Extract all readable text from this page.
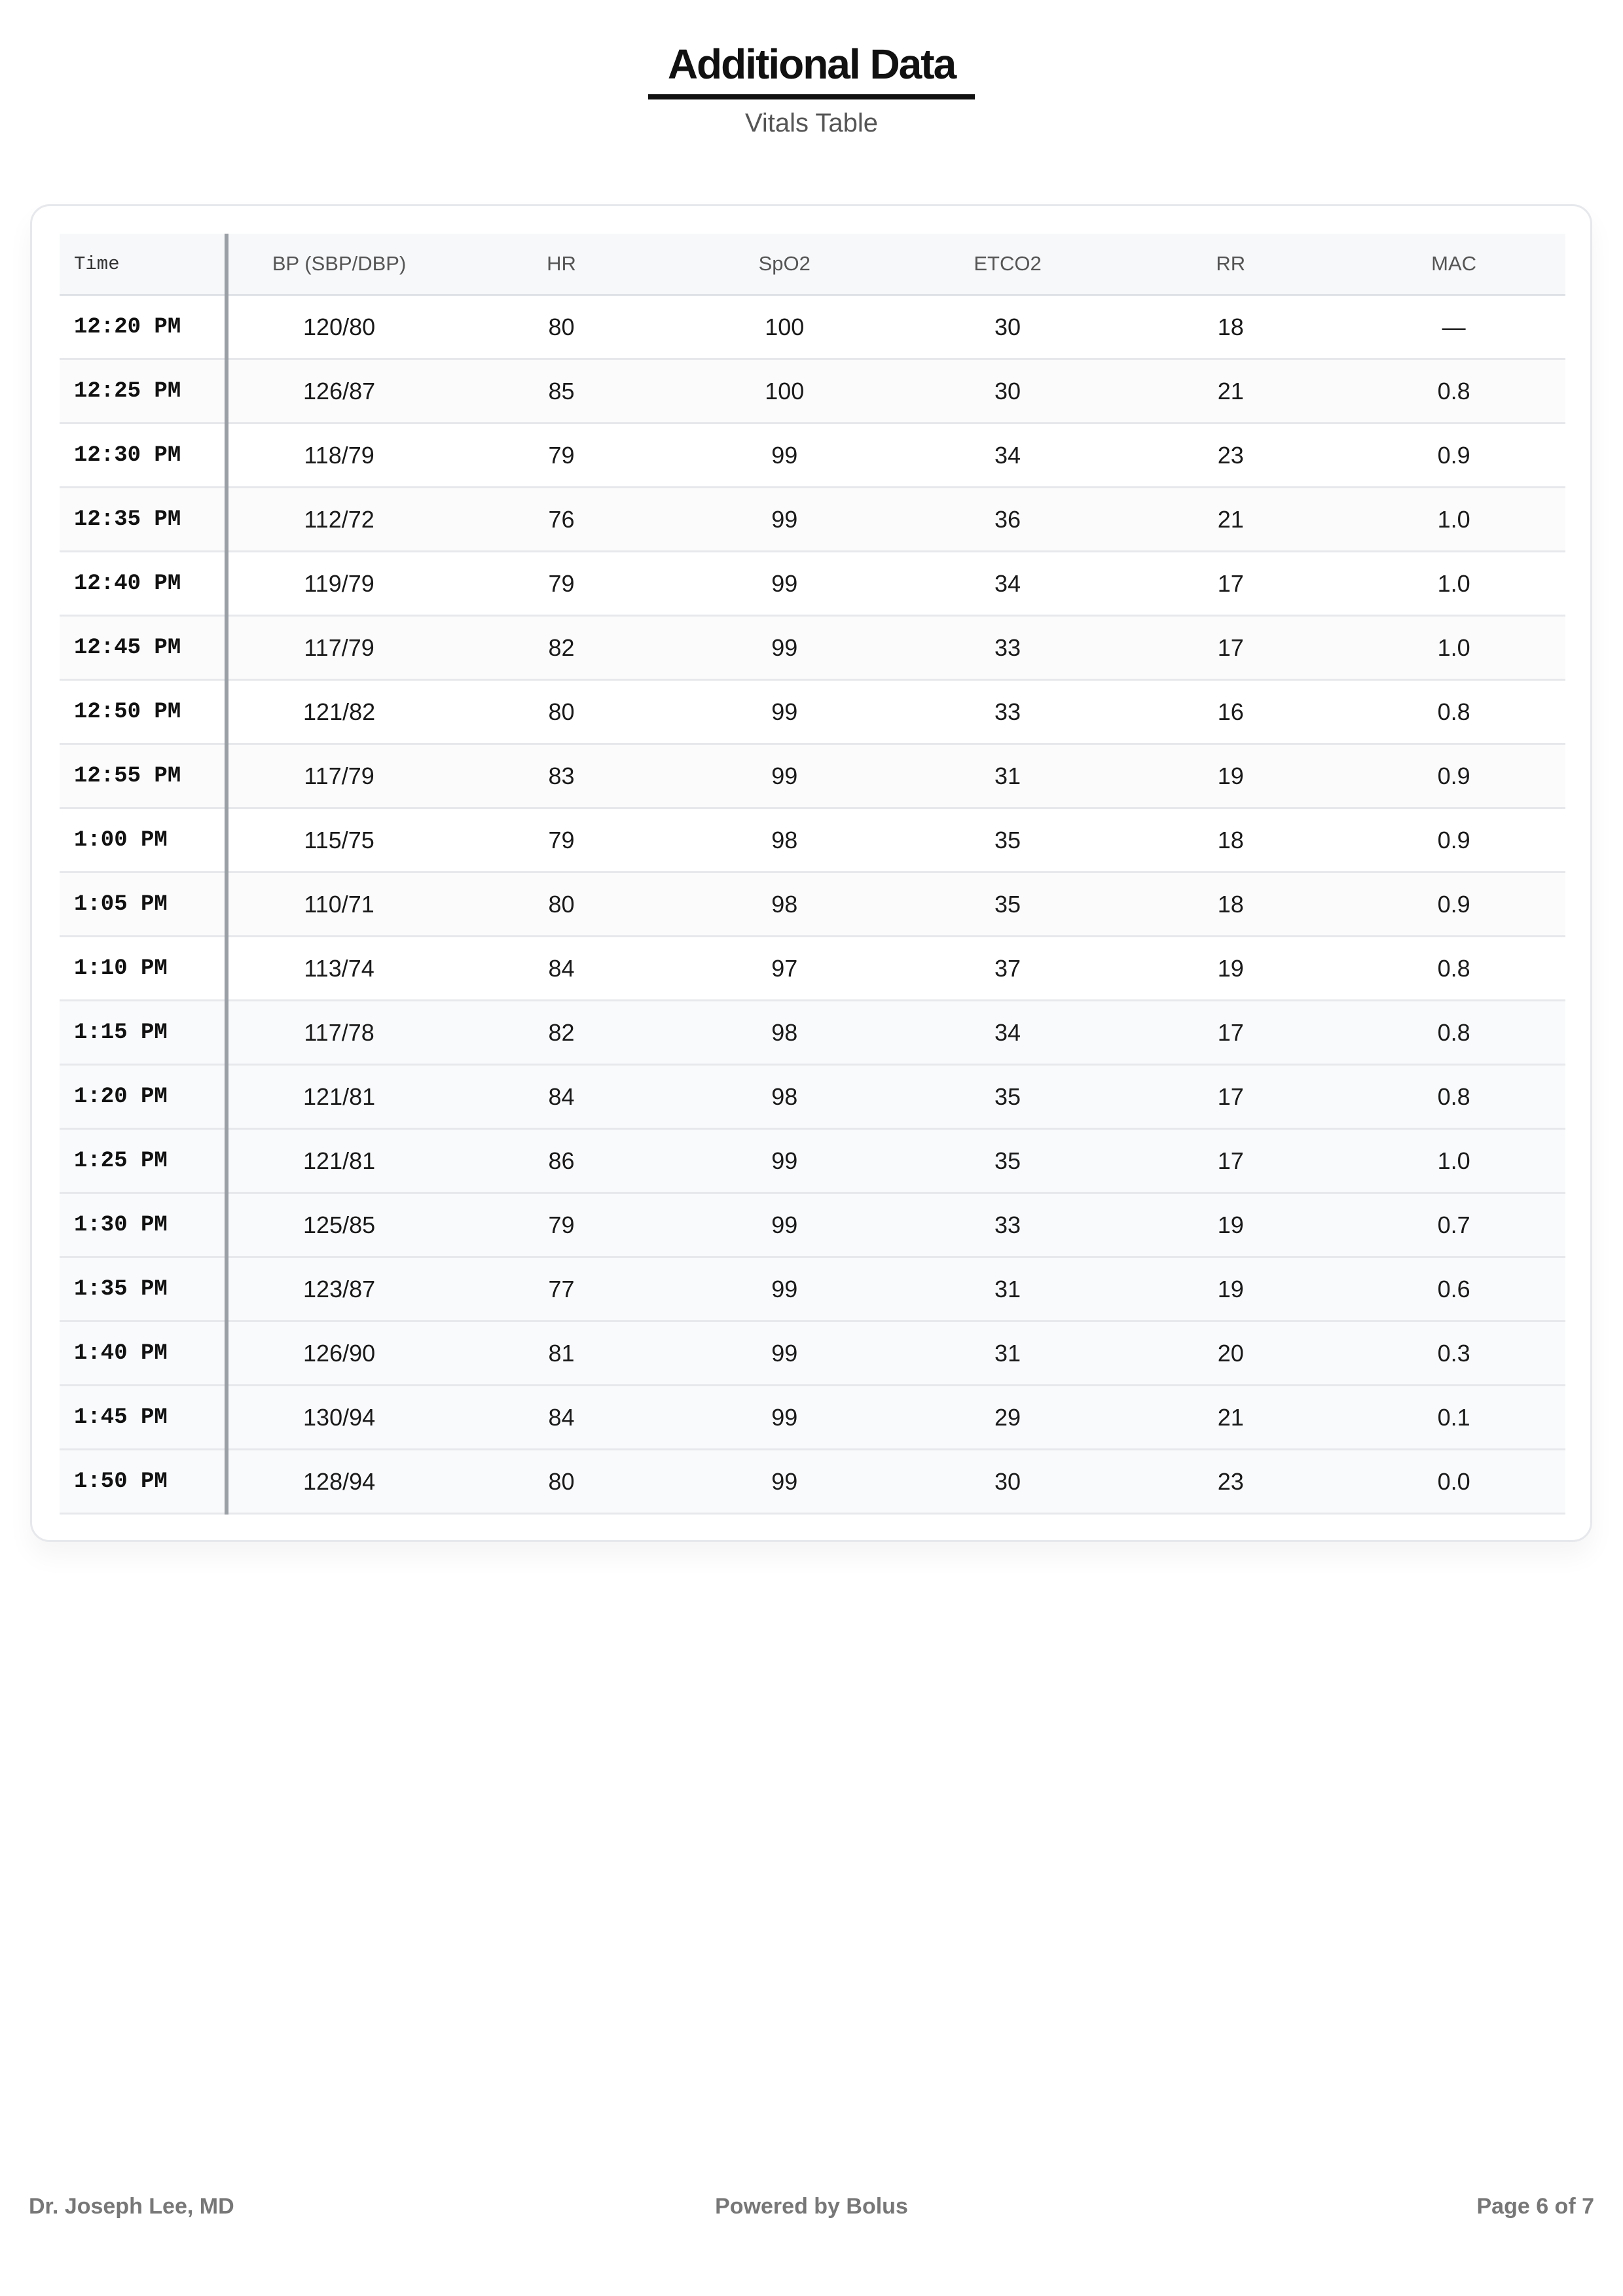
Additional Data
Vitals Table
Time	BP (SBP/DBP)	HR	SpO2	ETCO2	RR	MAC
12:20 PM	120/80	80	100	30	18	—
12:25 PM	126/87	85	100	30	21	0.8
12:30 PM	118/79	79	99	34	23	0.9
12:35 PM	112/72	76	99	36	21	1.0
12:40 PM	119/79	79	99	34	17	1.0
12:45 PM	117/79	82	99	33	17	1.0
12:50 PM	121/82	80	99	33	16	0.8
12:55 PM	117/79	83	99	31	19	0.9
1:00 PM	115/75	79	98	35	18	0.9
1:05 PM	110/71	80	98	35	18	0.9
1:10 PM	113/74	84	97	37	19	0.8
1:15 PM	117/78	82	98	34	17	0.8
1:20 PM	121/81	84	98	35	17	0.8
1:25 PM	121/81	86	99	35	17	1.0
1:30 PM	125/85	79	99	33	19	0.7
1:35 PM	123/87	77	99	31	19	0.6
1:40 PM	126/90	81	99	31	20	0.3
1:45 PM	130/94	84	99	29	21	0.1
1:50 PM	128/94	80	99	30	23	0.0
Dr. Joseph Lee, MD	Powered by Bolus	Page 6 of 7
